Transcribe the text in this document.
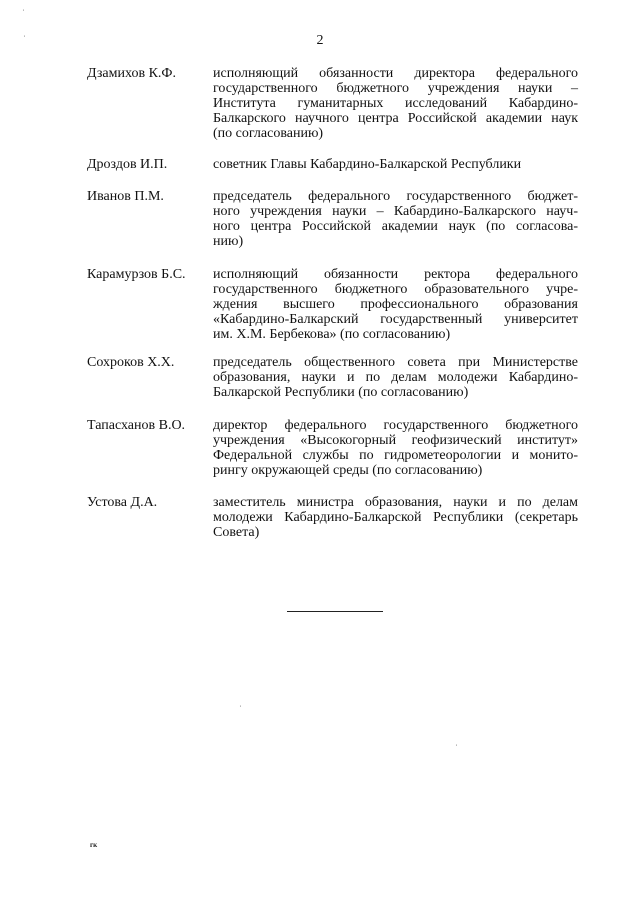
˙
˙
˙
˙
2
Дзамихов К.Ф.	исполняющий обязанности директора федерального
государственного бюджетного учреждения науки –
Института гуманитарных исследований Кабардино-
Балкарского научного центра Российской академии наук
(по согласованию)
Дроздов И.П.	советник Главы Кабардино-Балкарской Республики
Иванов П.М.	председатель федерального государственного бюджет-
ного учреждения науки – Кабардино-Балкарского науч-
ного центра Российской академии наук (по согласова-
нию)
Карамурзов Б.С. исполняющий обязанности ректора федерального
государственного бюджетного образовательного учре-
ждения высшего профессионального образования
«Кабардино-Балкарский государственный университет
им. Х.М. Бербекова» (по согласованию)
Сохроков Х.Х.	председатель общественного совета при Министерстве
образования, науки и по делам молодежи Кабардино-
Балкарской Республики (по согласованию)
Тапасханов В.О. директор федерального государственного бюджетного
учреждения «Высокогорный геофизический институт»
Федеральной службы по гидрометеорологии и монито-
рингу окружающей среды (по согласованию)
Устова Д.А.	заместитель министра образования, науки и по делам
молодежи Кабардино-Балкарской Республики (секретарь
Совета)
гк
